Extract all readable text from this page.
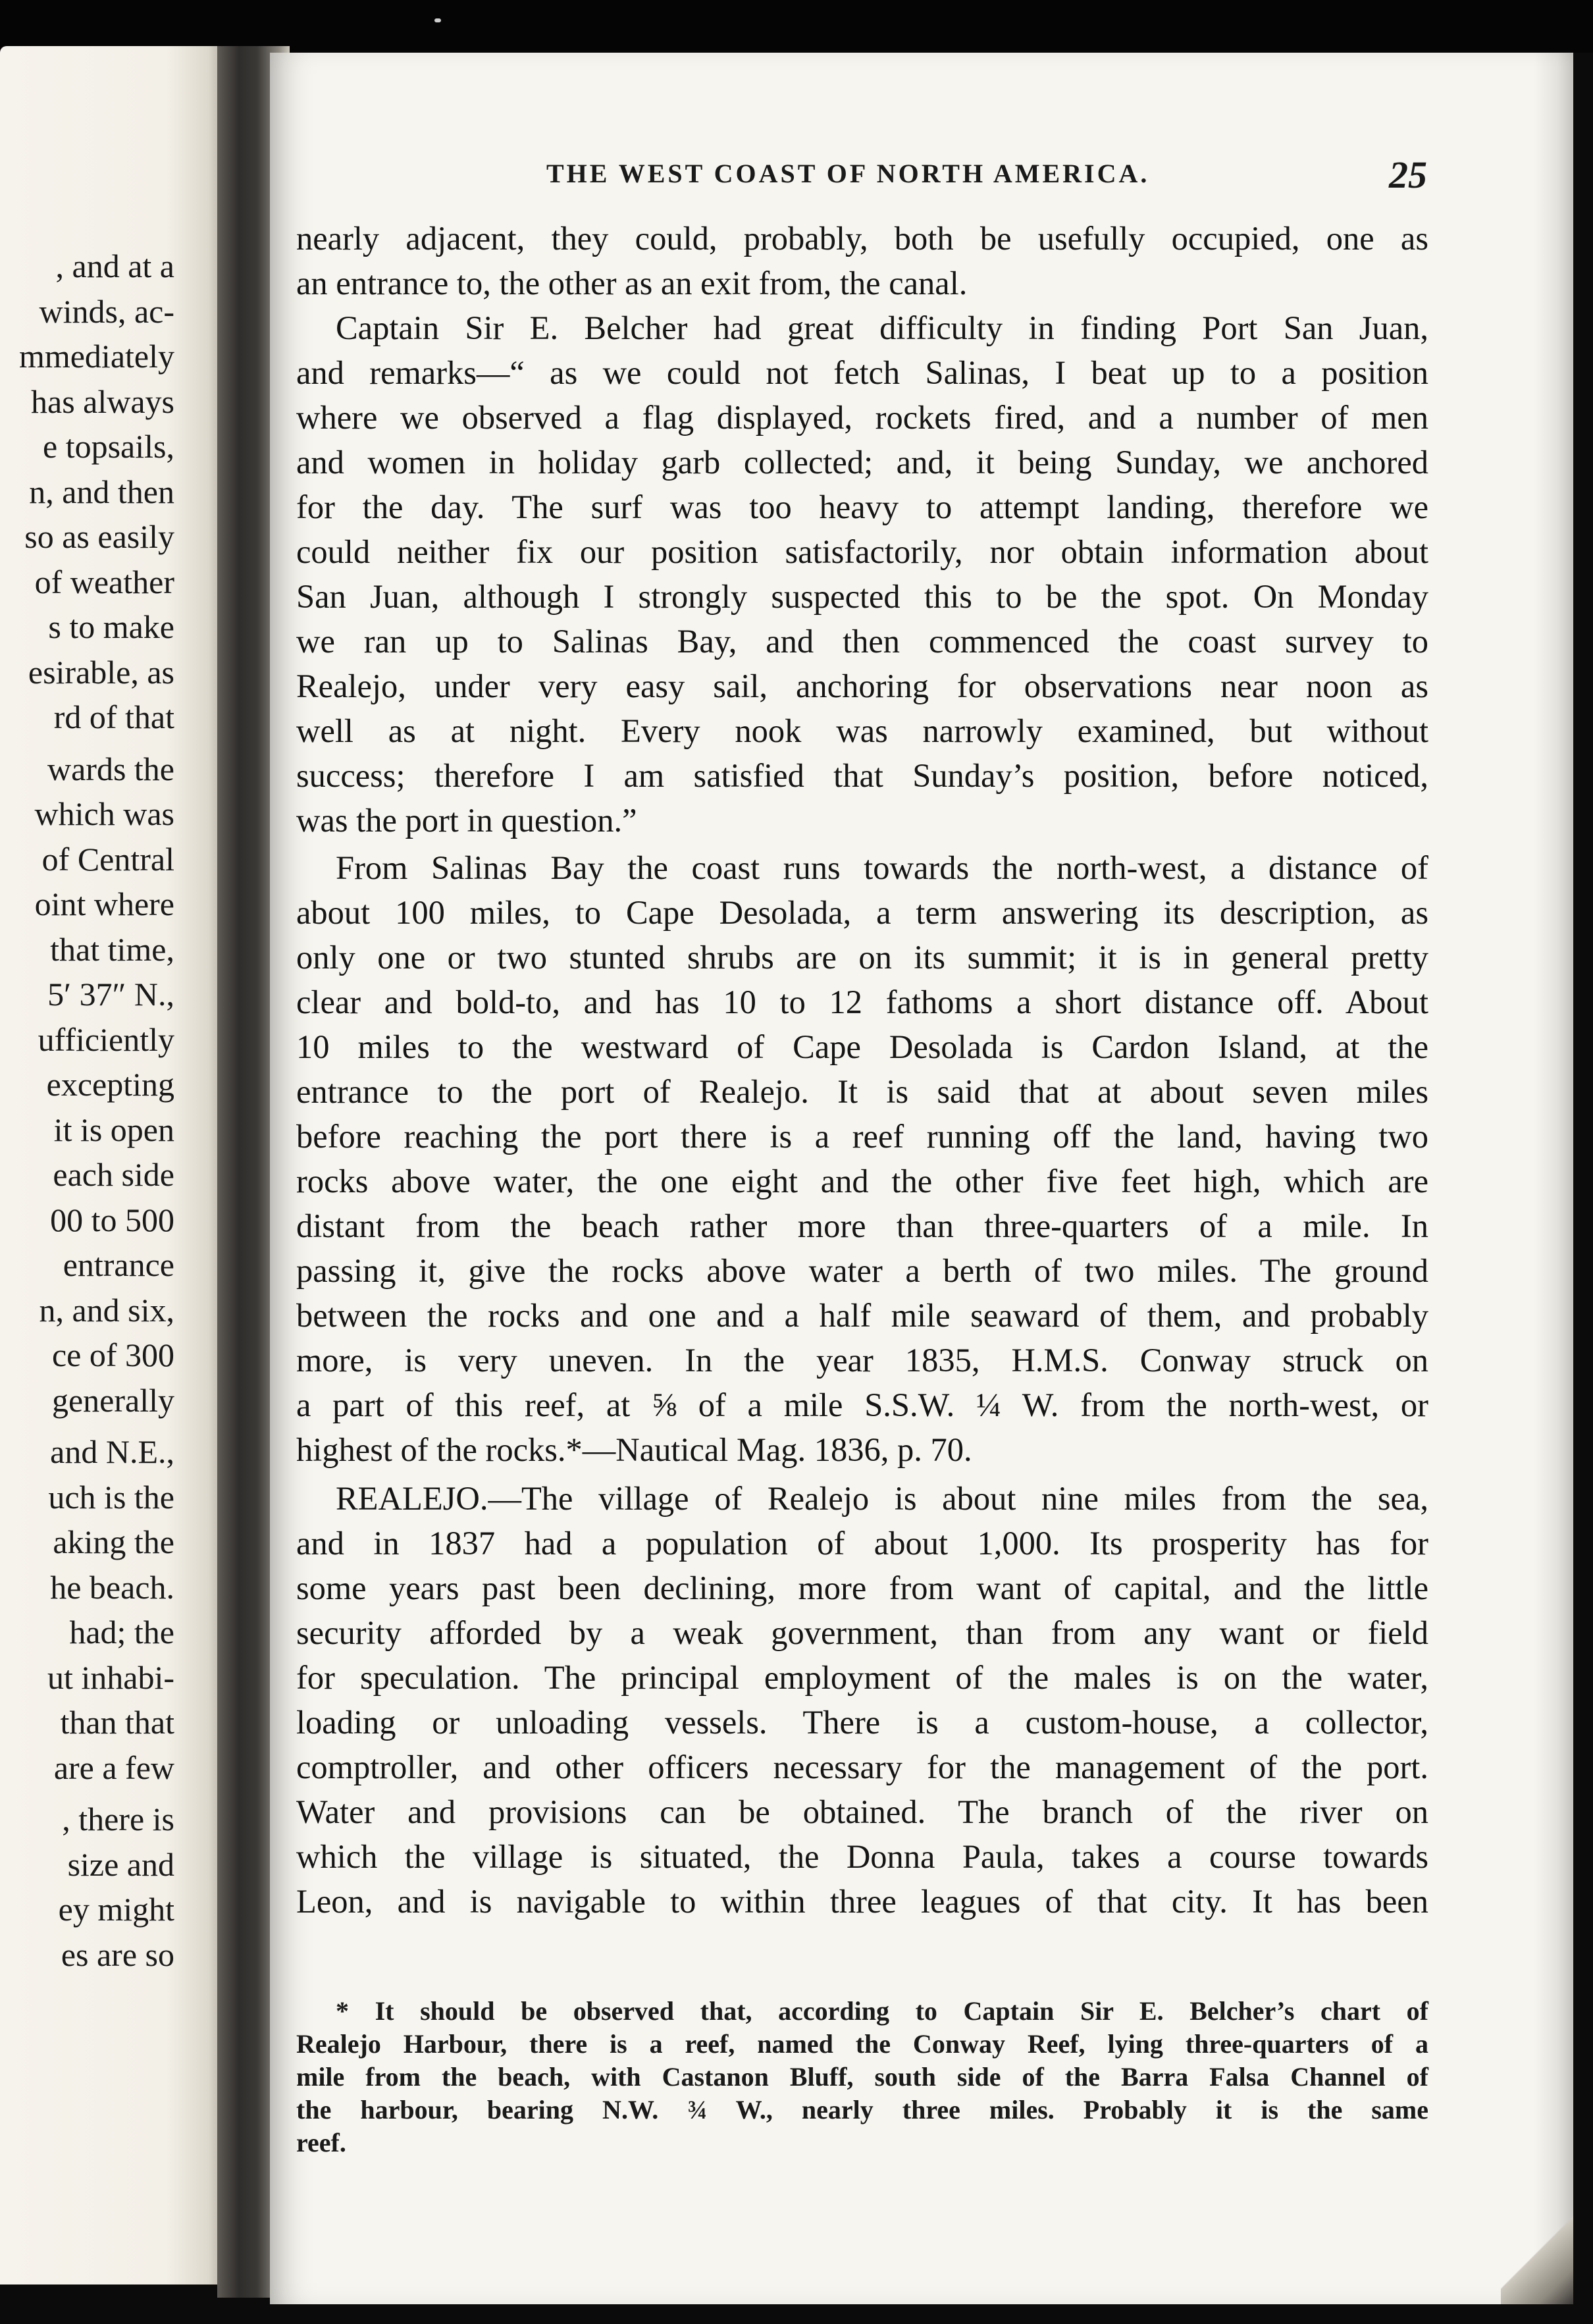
, and at a
winds, ac-
mmediately
has always
e topsails,
n, and then
so as easily
of weather
s to make
esirable, as
rd of that
wards the
which was
of Central
oint where
that time,
5′ 37″ N.,
ufficiently
excepting
it is open
each side
00 to 500
entrance
n, and six,
ce of 300
generally
and N.E.,
uch is the
aking the
he beach.
had; the
ut inhabi-
than that
are a few
, there is
size and
ey might
es are so
THE WEST COAST OF NORTH AMERICA.	25

nearly adjacent, they could, probably, both be usefully occupied, one as
an entrance to, the other as an exit from, the canal.

Captain Sir E. Belcher had great difficulty in finding Port San Juan,
and remarks—“ as we could not fetch Salinas, I beat up to a position
where we observed a flag displayed, rockets fired, and a number of men
and women in holiday garb collected; and, it being Sunday, we anchored
for the day. The surf was too heavy to attempt landing, therefore we
could neither fix our position satisfactorily, nor obtain information about
San Juan, although I strongly suspected this to be the spot. On Monday
we ran up to Salinas Bay, and then commenced the coast survey to
Realejo, under very easy sail, anchoring for observations near noon as
well as at night. Every nook was narrowly examined, but without
success; therefore I am satisfied that Sunday’s position, before noticed,
was the port in question.”

From Salinas Bay the coast runs towards the north-west, a distance of
about 100 miles, to Cape Desolada, a term answering its description, as
only one or two stunted shrubs are on its summit; it is in general pretty
clear and bold-to, and has 10 to 12 fathoms a short distance off. About
10 miles to the westward of Cape Desolada is Cardon Island, at the
entrance to the port of Realejo. It is said that at about seven miles
before reaching the port there is a reef running off the land, having two
rocks above water, the one eight and the other five feet high, which are
distant from the beach rather more than three-quarters of a mile. In
passing it, give the rocks above water a berth of two miles. The ground
between the rocks and one and a half mile seaward of them, and probably
more, is very uneven. In the year 1835, H.M.S. Conway struck on
a part of this reef, at ⅝ of a mile S.S.W. ¼ W. from the north-west, or
highest of the rocks.*—Nautical Mag. 1836, p. 70.

REALEJO.—The village of Realejo is about nine miles from the sea,
and in 1837 had a population of about 1,000. Its prosperity has for
some years past been declining, more from want of capital, and the little
security afforded by a weak government, than from any want or field
for speculation. The principal employment of the males is on the water,
loading or unloading vessels. There is a custom-house, a collector,
comptroller, and other officers necessary for the management of the port.
Water and provisions can be obtained. The branch of the river on
which the village is situated, the Donna Paula, takes a course towards
Leon, and is navigable to within three leagues of that city. It has been

* It should be observed that, according to Captain Sir E. Belcher’s chart of
Realejo Harbour, there is a reef, named the Conway Reef, lying three-quarters of a
mile from the beach, with Castanon Bluff, south side of the Barra Falsa Channel of
the harbour, bearing N.W. ¾ W., nearly three miles. Probably it is the same
reef.
